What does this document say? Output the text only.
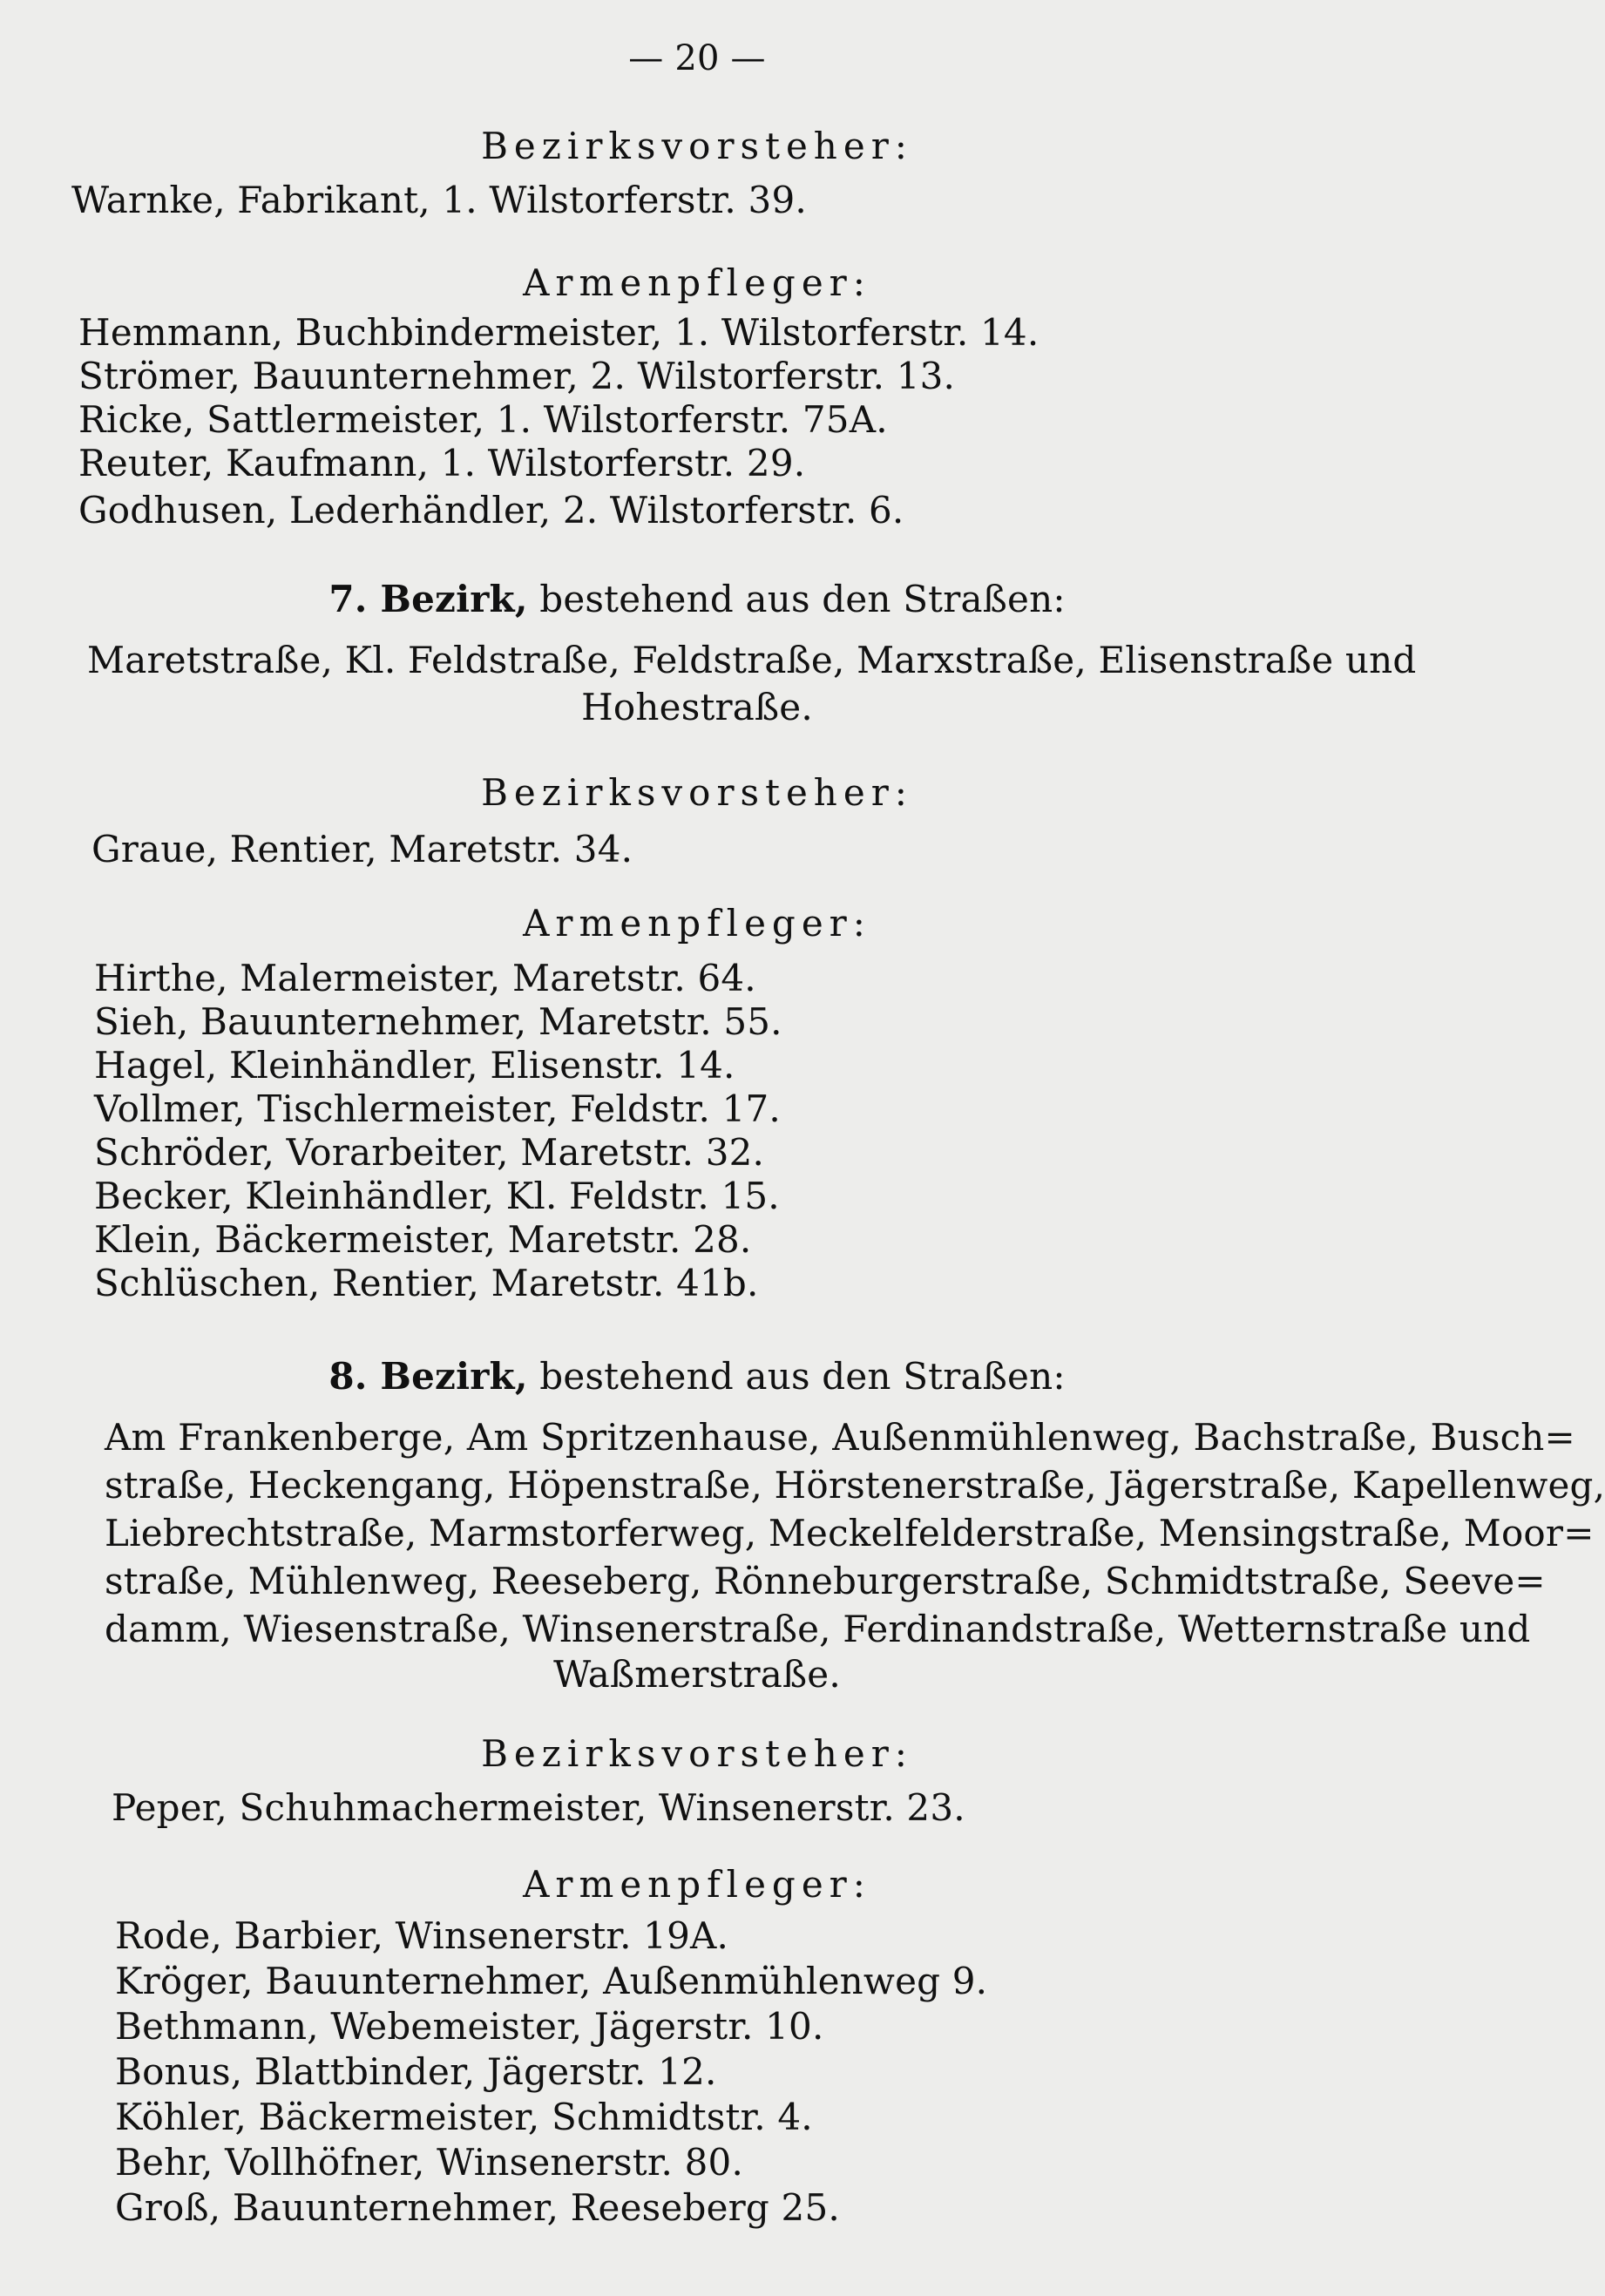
— 20 —
Bezirksvorsteher:
Warnke, Fabrikant, 1. Wilstorferstr. 39.
Armenpfleger:
Hemmann, Buchbindermeister, 1. Wilstorferstr. 14.
Strömer, Bauunternehmer, 2. Wilstorferstr. 13.
Ricke, Sattlermeister, 1. Wilstorferstr. 75A.
Reuter, Kaufmann, 1. Wilstorferstr. 29.
Godhusen, Lederhändler, 2. Wilstorferstr. 6.
7. Bezirk, bestehend aus den Straßen:
Maretstraße, Kl. Feldstraße, Feldstraße, Marxstraße, Elisenstraße und
Hohestraße.
Bezirksvorsteher:
Graue, Rentier, Maretstr. 34.
Armenpfleger:
Hirthe, Malermeister, Maretstr. 64.
Sieh, Bauunternehmer, Maretstr. 55.
Hagel, Kleinhändler, Elisenstr. 14.
Vollmer, Tischlermeister, Feldstr. 17.
Schröder, Vorarbeiter, Maretstr. 32.
Becker, Kleinhändler, Kl. Feldstr. 15.
Klein, Bäckermeister, Maretstr. 28.
Schlüschen, Rentier, Maretstr. 41b.
8. Bezirk, bestehend aus den Straßen:
Am Frankenberge, Am Spritzenhause, Außenmühlenweg, Bachstraße, Busch=
straße, Heckengang, Höpenstraße, Hörstenerstraße, Jägerstraße, Kapellenweg,
Liebrechtstraße, Marmstorferweg, Meckelfelderstraße, Mensingstraße, Moor=
straße, Mühlenweg, Reeseberg, Rönneburgerstraße, Schmidtstraße, Seeve=
damm, Wiesenstraße, Winsenerstraße, Ferdinandstraße, Wetternstraße und
Waßmerstraße.
Bezirksvorsteher:
Peper, Schuhmachermeister, Winsenerstr. 23.
Armenpfleger:
Rode, Barbier, Winsenerstr. 19A.
Kröger, Bauunternehmer, Außenmühlenweg 9.
Bethmann, Webemeister, Jägerstr. 10.
Bonus, Blattbinder, Jägerstr. 12.
Köhler, Bäckermeister, Schmidtstr. 4.
Behr, Vollhöfner, Winsenerstr. 80.
Groß, Bauunternehmer, Reeseberg 25.
